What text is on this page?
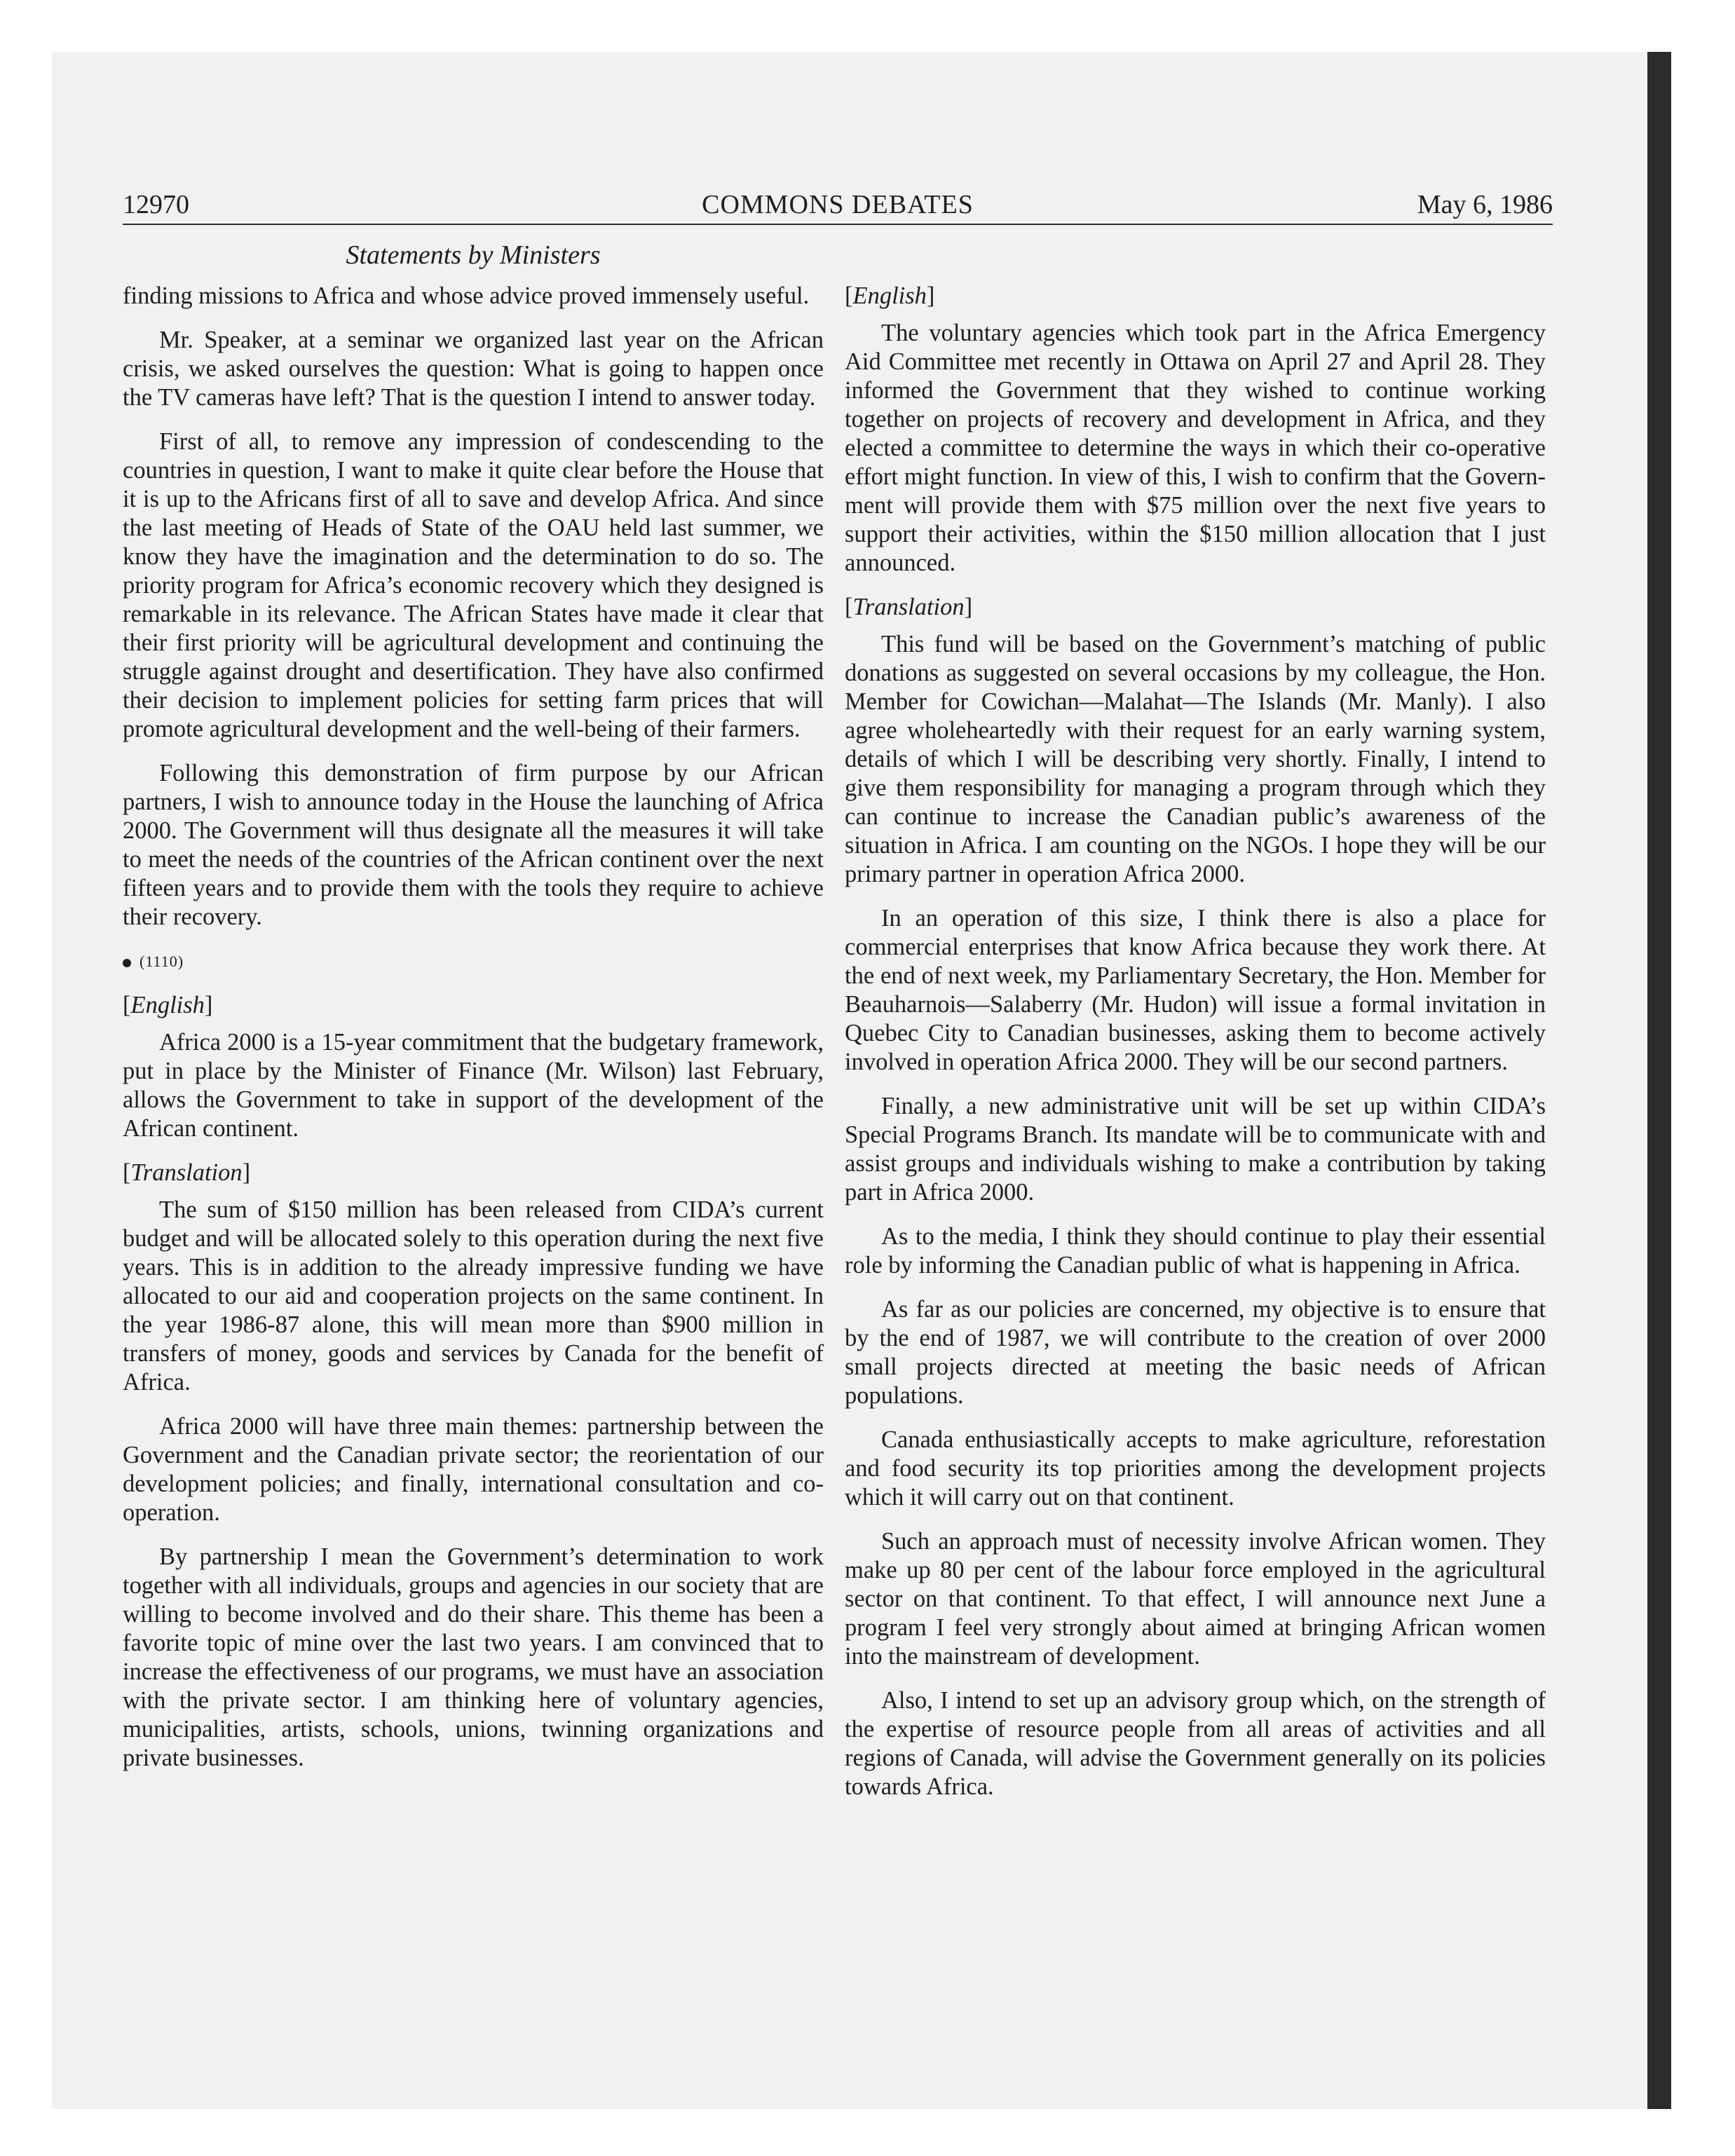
12970	COMMONS DEBATES	May 6, 1986
Statements by Ministers

finding missions to Africa and whose advice proved immensely useful.

Mr. Speaker, at a seminar we organized last year on the African crisis, we asked ourselves the question: What is going to happen once the TV cameras have left? That is the question I intend to answer today.

First of all, to remove any impression of condescending to the countries in question, I want to make it quite clear before the House that it is up to the Africans first of all to save and develop Africa. And since the last meeting of Heads of State of the OAU held last summer, we know they have the imagination and the determination to do so. The priority program for Africa’s economic recovery which they designed is remarkable in its relevance. The African States have made it clear that their first priority will be agricultural development and continuing the struggle against drought and desertification. They have also confirmed their decision to implement policies for setting farm prices that will promote agricultural development and the well-being of their farmers.

Following this demonstration of firm purpose by our African partners, I wish to announce today in the House the launching of Africa 2000. The Government will thus designate all the measures it will take to meet the needs of the countries of the African continent over the next fifteen years and to provide them with the tools they require to achieve their recovery.

(1110)

[English]

Africa 2000 is a 15-year commitment that the budgetary framework, put in place by the Minister of Finance (Mr. Wilson) last February, allows the Government to take in support of the development of the African continent.

[Translation]

The sum of $150 million has been released from CIDA’s current budget and will be allocated solely to this operation during the next five years. This is in addition to the already impressive funding we have allocated to our aid and cooperation projects on the same continent. In the year 1986-87 alone, this will mean more than $900 million in transfers of money, goods and services by Canada for the benefit of Africa.

Africa 2000 will have three main themes: partnership between the Government and the Canadian private sector; the reorientation of our development policies; and finally, international consultation and co-operation.

By partnership I mean the Government’s determination to work together with all individuals, groups and agencies in our society that are willing to become involved and do their share. This theme has been a favorite topic of mine over the last two years. I am convinced that to increase the effectiveness of our programs, we must have an association with the private sector. I am thinking here of voluntary agencies, municipalities, artists, schools, unions, twinning organizations and private businesses.

[English]

The voluntary agencies which took part in the Africa Emergency Aid Committee met recently in Ottawa on April 27 and April 28. They informed the Government that they wished to continue working together on projects of recovery and development in Africa, and they elected a committee to determine the ways in which their co-operative effort might function. In view of this, I wish to confirm that the Government will provide them with $75 million over the next five years to support their activities, within the $150 million allocation that I just announced.

[Translation]

This fund will be based on the Government’s matching of public donations as suggested on several occasions by my colleague, the Hon. Member for Cowichan—Malahat—The Islands (Mr. Manly). I also agree wholeheartedly with their request for an early warning system, details of which I will be describing very shortly. Finally, I intend to give them responsibility for managing a program through which they can continue to increase the Canadian public’s awareness of the situation in Africa. I am counting on the NGOs. I hope they will be our primary partner in operation Africa 2000.

In an operation of this size, I think there is also a place for commercial enterprises that know Africa because they work there. At the end of next week, my Parliamentary Secretary, the Hon. Member for Beauharnois—Salaberry (Mr. Hudon) will issue a formal invitation in Quebec City to Canadian businesses, asking them to become actively involved in operation Africa 2000. They will be our second partners.

Finally, a new administrative unit will be set up within CIDA’s Special Programs Branch. Its mandate will be to communicate with and assist groups and individuals wishing to make a contribution by taking part in Africa 2000.

As to the media, I think they should continue to play their essential role by informing the Canadian public of what is happening in Africa.

As far as our policies are concerned, my objective is to ensure that by the end of 1987, we will contribute to the creation of over 2000 small projects directed at meeting the basic needs of African populations.

Canada enthusiastically accepts to make agriculture, reforestation and food security its top priorities among the development projects which it will carry out on that continent.

Such an approach must of necessity involve African women. They make up 80 per cent of the labour force employed in the agricultural sector on that continent. To that effect, I will announce next June a program I feel very strongly about aimed at bringing African women into the mainstream of development.

Also, I intend to set up an advisory group which, on the strength of the expertise of resource people from all areas of activities and all regions of Canada, will advise the Government generally on its policies towards Africa.
